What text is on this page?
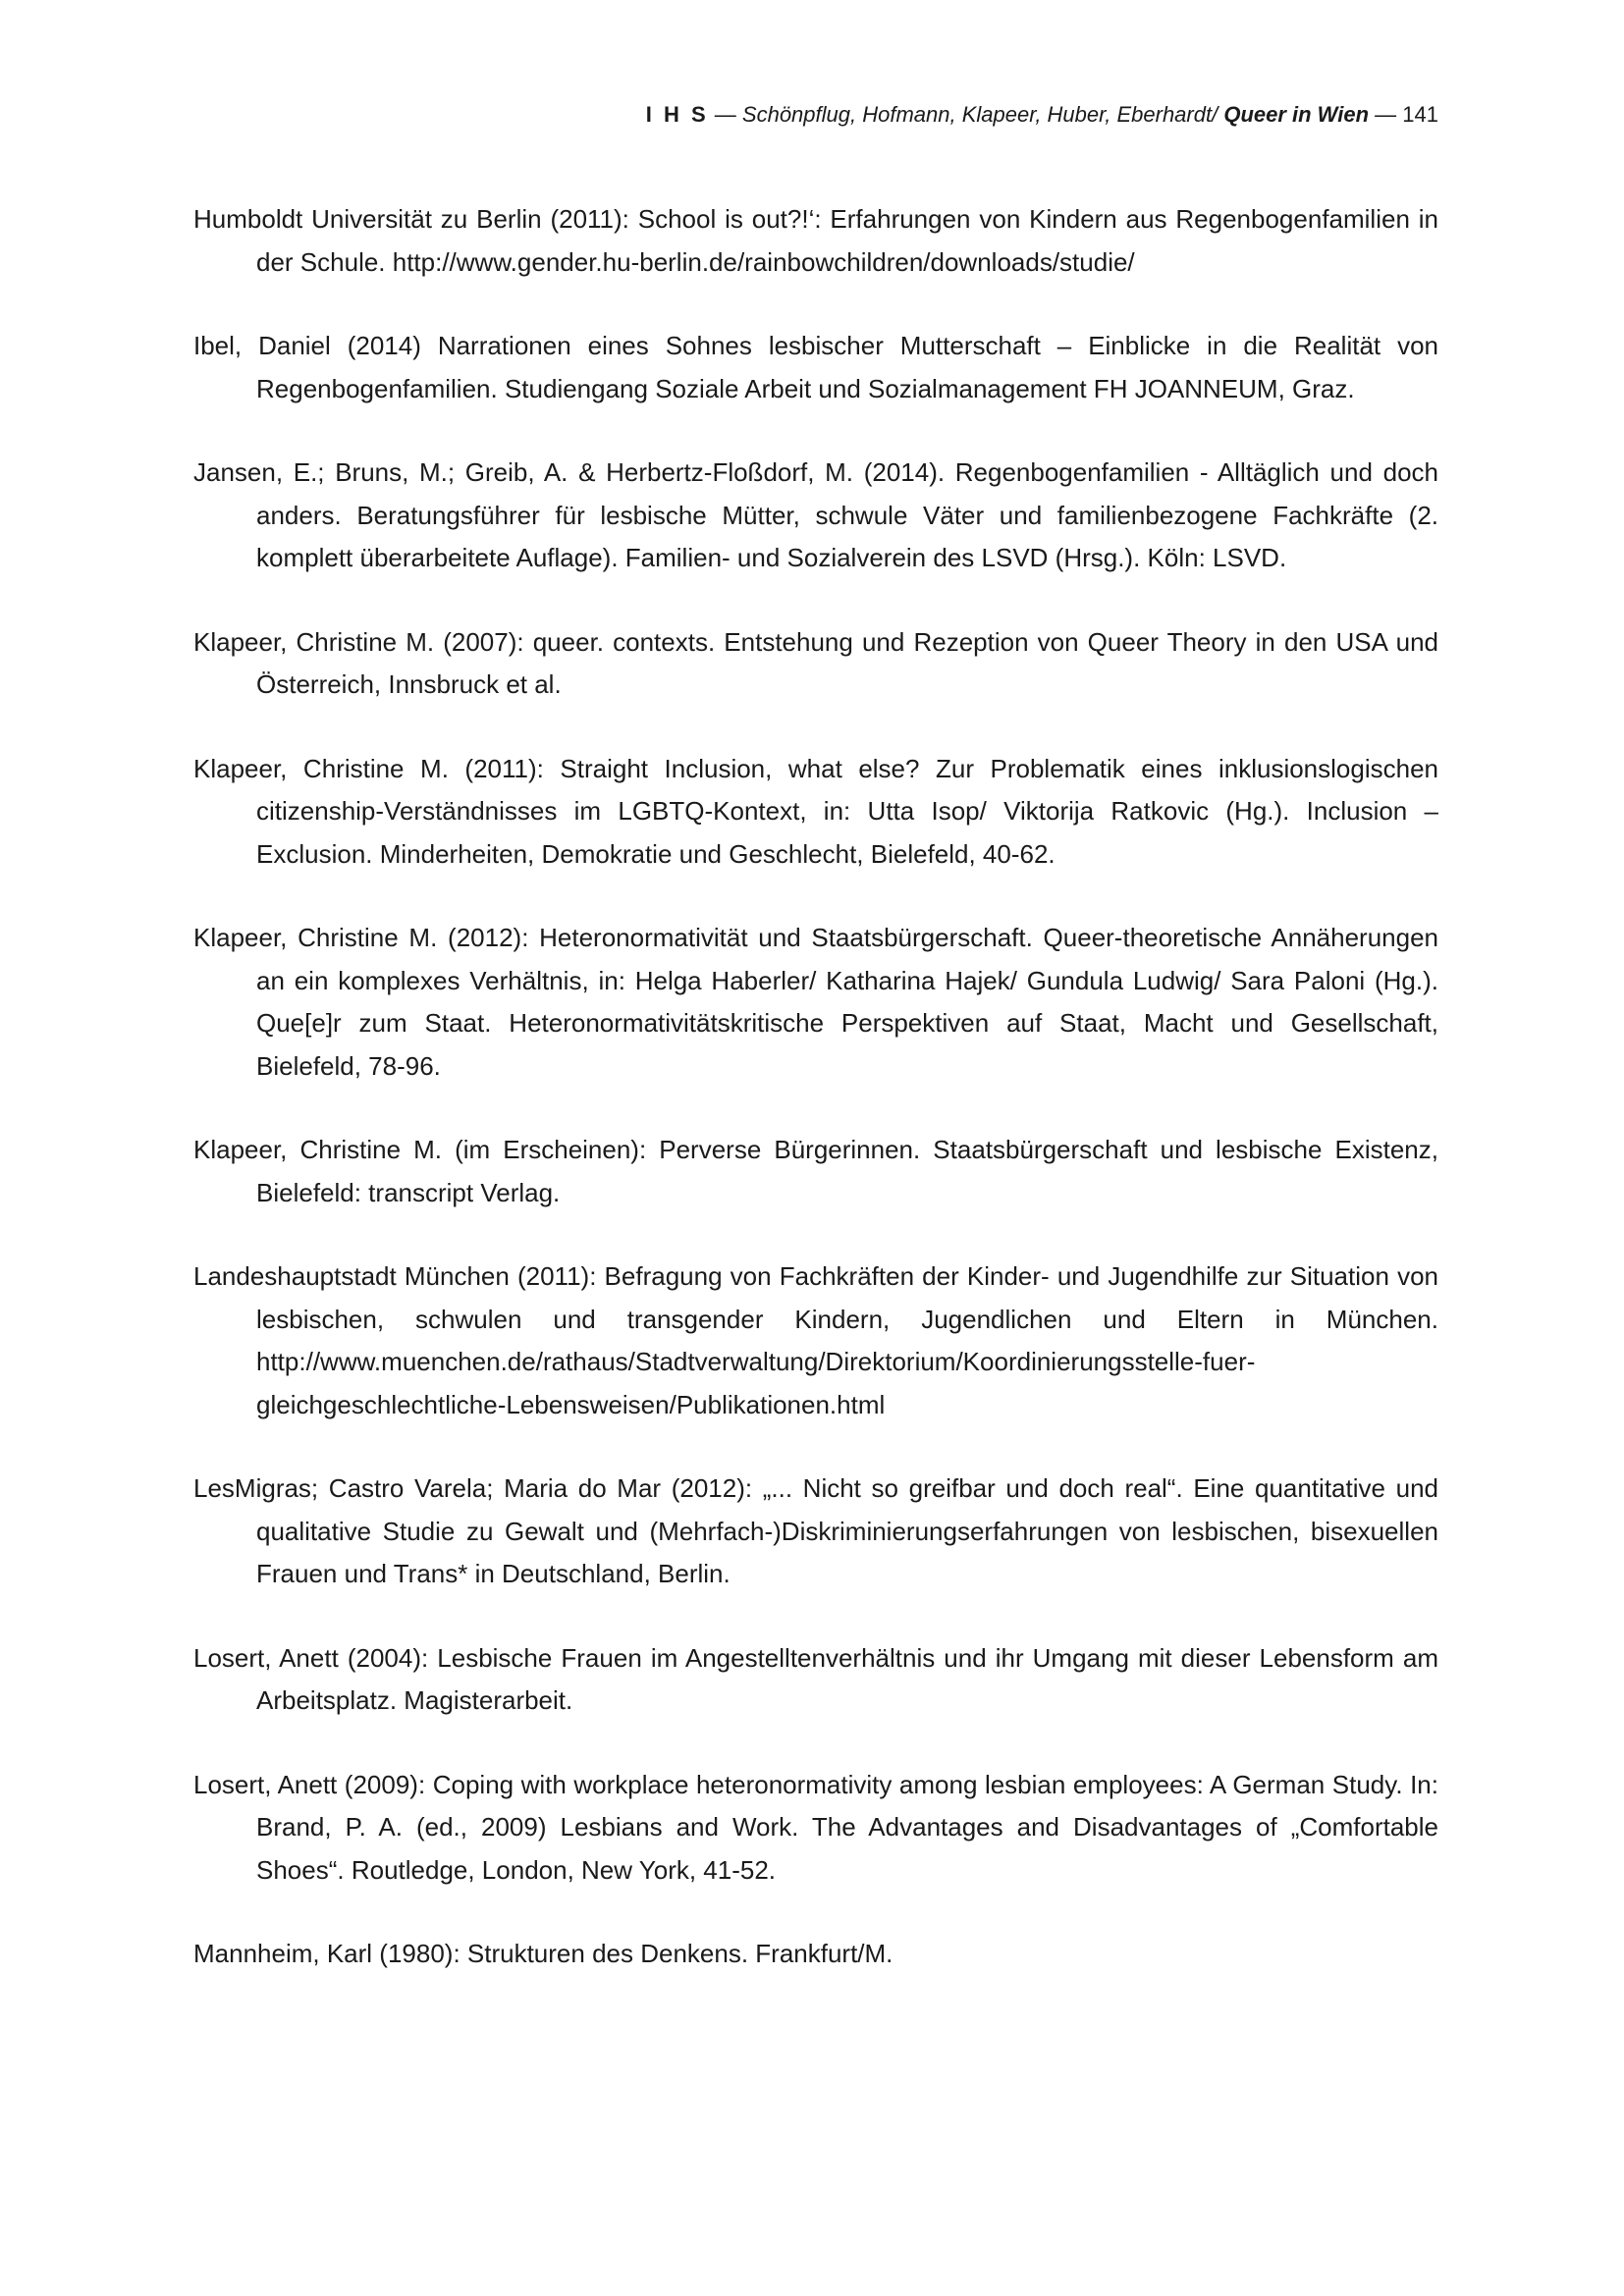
I H S — Schönpflug, Hofmann, Klapeer, Huber, Eberhardt/ Queer in Wien — 141
Humboldt Universität zu Berlin (2011): School is out?!‘: Erfahrungen von Kindern aus Regenbogenfamilien in der Schule. http://www.gender.hu-berlin.de/rainbowchildren/downloads/studie/
Ibel, Daniel (2014) Narrationen eines Sohnes lesbischer Mutterschaft – Einblicke in die Realität von Regenbogenfamilien. Studiengang Soziale Arbeit und Sozialmanagement FH JOANNEUM, Graz.
Jansen, E.; Bruns, M.; Greib, A. & Herbertz-Floßdorf, M. (2014). Regenbogenfamilien - Alltäglich und doch anders. Beratungsführer für lesbische Mütter, schwule Väter und familienbezogene Fachkräfte (2. komplett überarbeitete Auflage). Familien- und Sozialverein des LSVD (Hrsg.). Köln: LSVD.
Klapeer, Christine M. (2007): queer. contexts. Entstehung und Rezeption von Queer Theory in den USA und Österreich, Innsbruck et al.
Klapeer, Christine M. (2011): Straight Inclusion, what else? Zur Problematik eines inklusionslogischen citizenship-Verständnisses im LGBTQ-Kontext, in: Utta Isop/ Viktorija Ratkovic (Hg.). Inclusion – Exclusion. Minderheiten, Demokratie und Geschlecht, Bielefeld, 40-62.
Klapeer, Christine M. (2012): Heteronormativität und Staatsbürgerschaft. Queer-theoretische Annäherungen an ein komplexes Verhältnis, in: Helga Haberler/ Katharina Hajek/ Gundula Ludwig/ Sara Paloni (Hg.). Que[e]r zum Staat. Heteronormativitätskritische Perspektiven auf Staat, Macht und Gesellschaft, Bielefeld, 78-96.
Klapeer, Christine M. (im Erscheinen): Perverse Bürgerinnen. Staatsbürgerschaft und lesbische Existenz, Bielefeld: transcript Verlag.
Landeshauptstadt München (2011): Befragung von Fachkräften der Kinder- und Jugendhilfe zur Situation von lesbischen, schwulen und transgender Kindern, Jugendlichen und Eltern in München. http://www.muenchen.de/rathaus/Stadtverwaltung/Direktorium/Koordinierungsstelle-fuer-gleichgeschlechtliche-Lebensweisen/Publikationen.html
LesMigras; Castro Varela; Maria do Mar (2012): „... Nicht so greifbar und doch real“. Eine quantitative und qualitative Studie zu Gewalt und (Mehrfach-)Diskriminierungserfahrungen von lesbischen, bisexuellen Frauen und Trans* in Deutschland, Berlin.
Losert, Anett (2004): Lesbische Frauen im Angestelltenverhältnis und ihr Umgang mit dieser Lebensform am Arbeitsplatz. Magisterarbeit.
Losert, Anett (2009): Coping with workplace heteronormativity among lesbian employees: A German Study. In: Brand, P. A. (ed., 2009) Lesbians and Work. The Advantages and Disadvantages of „Comfortable Shoes“. Routledge, London, New York, 41-52.
Mannheim, Karl (1980): Strukturen des Denkens. Frankfurt/M.
